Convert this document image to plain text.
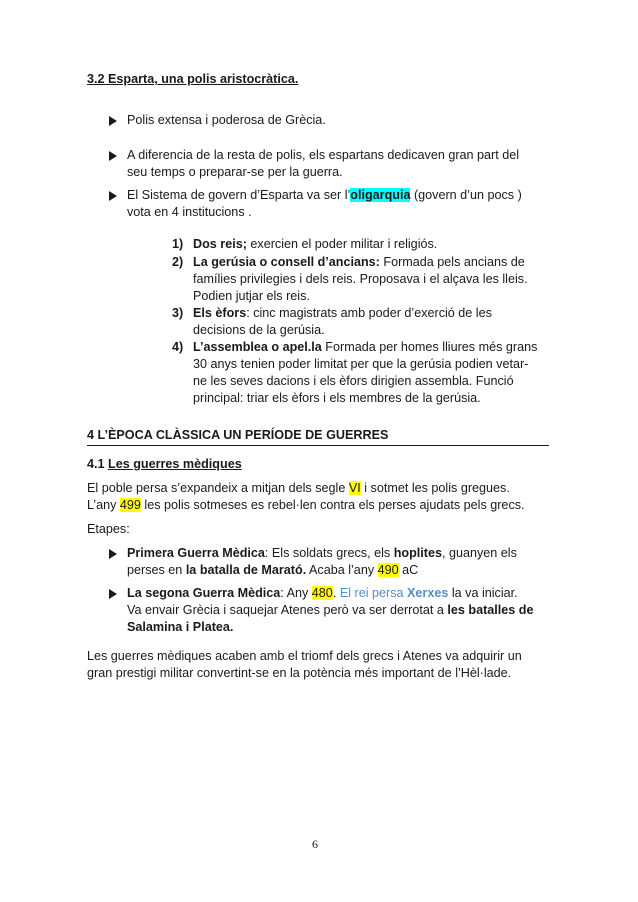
3.2 Esparta, una polis aristocràtica.
Polis extensa i poderosa de Grècia.
A diferencia de la resta de polis, els espartans dedicaven gran part del
seu temps o preparar-se per la guerra.
El Sistema de govern d’Esparta va ser l’oligarquia (govern d’un pocs )
vota en 4 institucions .
1) Dos reis; exercien el poder militar i religiós.
2) La gerúsia o consell d’ancians: Formada pels ancians de
famílies privilegies i dels reis. Proposava i el alçava les lleis.
Podien jutjar els reis.
3) Els èfors: cinc magistrats amb poder d’exerció de les
decisions de la gerúsia.
4) L’assemblea o apel.la Formada per homes lliures més grans
30 anys tenien poder limitat per que la gerúsia podien vetar-
ne les seves dacions i els èfors dirigien assembla. Funció
principal: triar els èfors i els membres de la gerúsia.
4 L’ÈPOCA CLÀSSICA UN PERÍODE DE GUERRES
4.1 Les guerres mèdiques
El poble persa s’expandeix a mitjan dels segle VI i sotmet les polis gregues.
L’any 499 les polis sotmeses es rebel·len contra els perses ajudats pels grecs.
Etapes:
Primera Guerra Mèdica: Els soldats grecs, els hoplites, guanyen els
perses en la batalla de Marató. Acaba l’any 490 aC
La segona Guerra Mèdica: Any 480. El rei persa Xerxes la va iniciar.
Va envair Grècia i saquejar Atenes però va ser derrotat a les batalles de
Salamina i Platea.
Les guerres mèdiques acaben amb el triomf dels grecs i Atenes va adquirir un
gran prestigi militar convertint-se en la potència més important de l’Hèl·lade.
6
